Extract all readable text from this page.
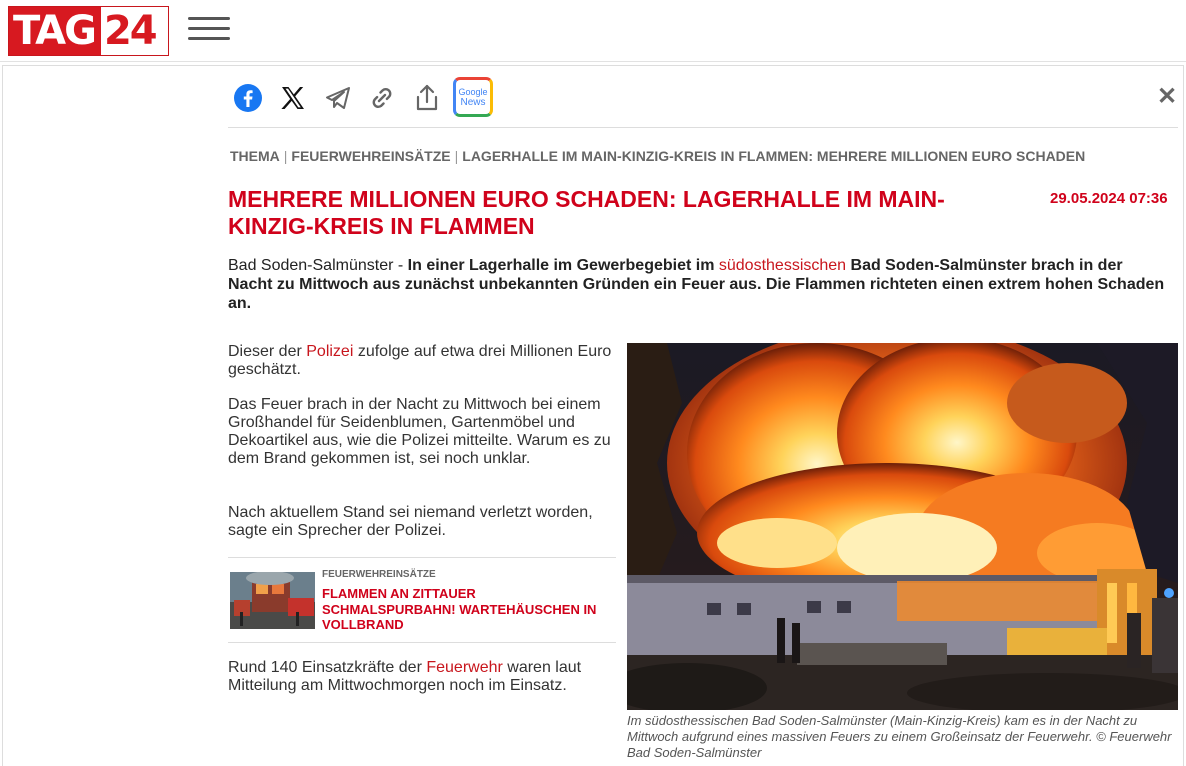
TAG 24
Google
News	✕
THEMA | FEUERWEHREINSÄTZE | LAGERHALLE IM MAIN-KINZIG-KREIS IN FLAMMEN: MEHRERE MILLIONEN EURO SCHADEN
MEHRERE MILLIONEN EURO SCHADEN: LAGERHALLE IM MAIN-KINZIG-KREIS IN FLAMMEN
29.05.2024 07:36

Bad Soden-Salmünster - In einer Lagerhalle im Gewerbegebiet im südosthessischen Bad Soden-Salmünster brach in der Nacht zu Mittwoch aus zunächst unbekannten Gründen ein Feuer aus. Die Flammen richteten einen extrem hohen Schaden an.

Dieser der Polizei zufolge auf etwa drei Millionen Euro geschätzt.

Das Feuer brach in der Nacht zu Mittwoch bei einem Großhandel für Seidenblumen, Gartenmöbel und Dekoartikel aus, wie die Polizei mitteilte. Warum es zu dem Brand gekommen ist, sei noch unklar.

Nach aktuellem Stand sei niemand verletzt worden, sagte ein Sprecher der Polizei.

FEUERWEHREINSÄTZE
FLAMMEN AN ZITTAUER SCHMALSPURBAHN! WARTEHÄUSCHEN IN VOLLBRAND

Rund 140 Einsatzkräfte der Feuerwehr waren laut Mitteilung am Mittwochmorgen noch im Einsatz.

Im südosthessischen Bad Soden-Salmünster (Main-Kinzig-Kreis) kam es in der Nacht zu Mittwoch aufgrund eines massiven Feuers zu einem Großeinsatz der Feuerwehr. © Feuerwehr Bad Soden-Salmünster
